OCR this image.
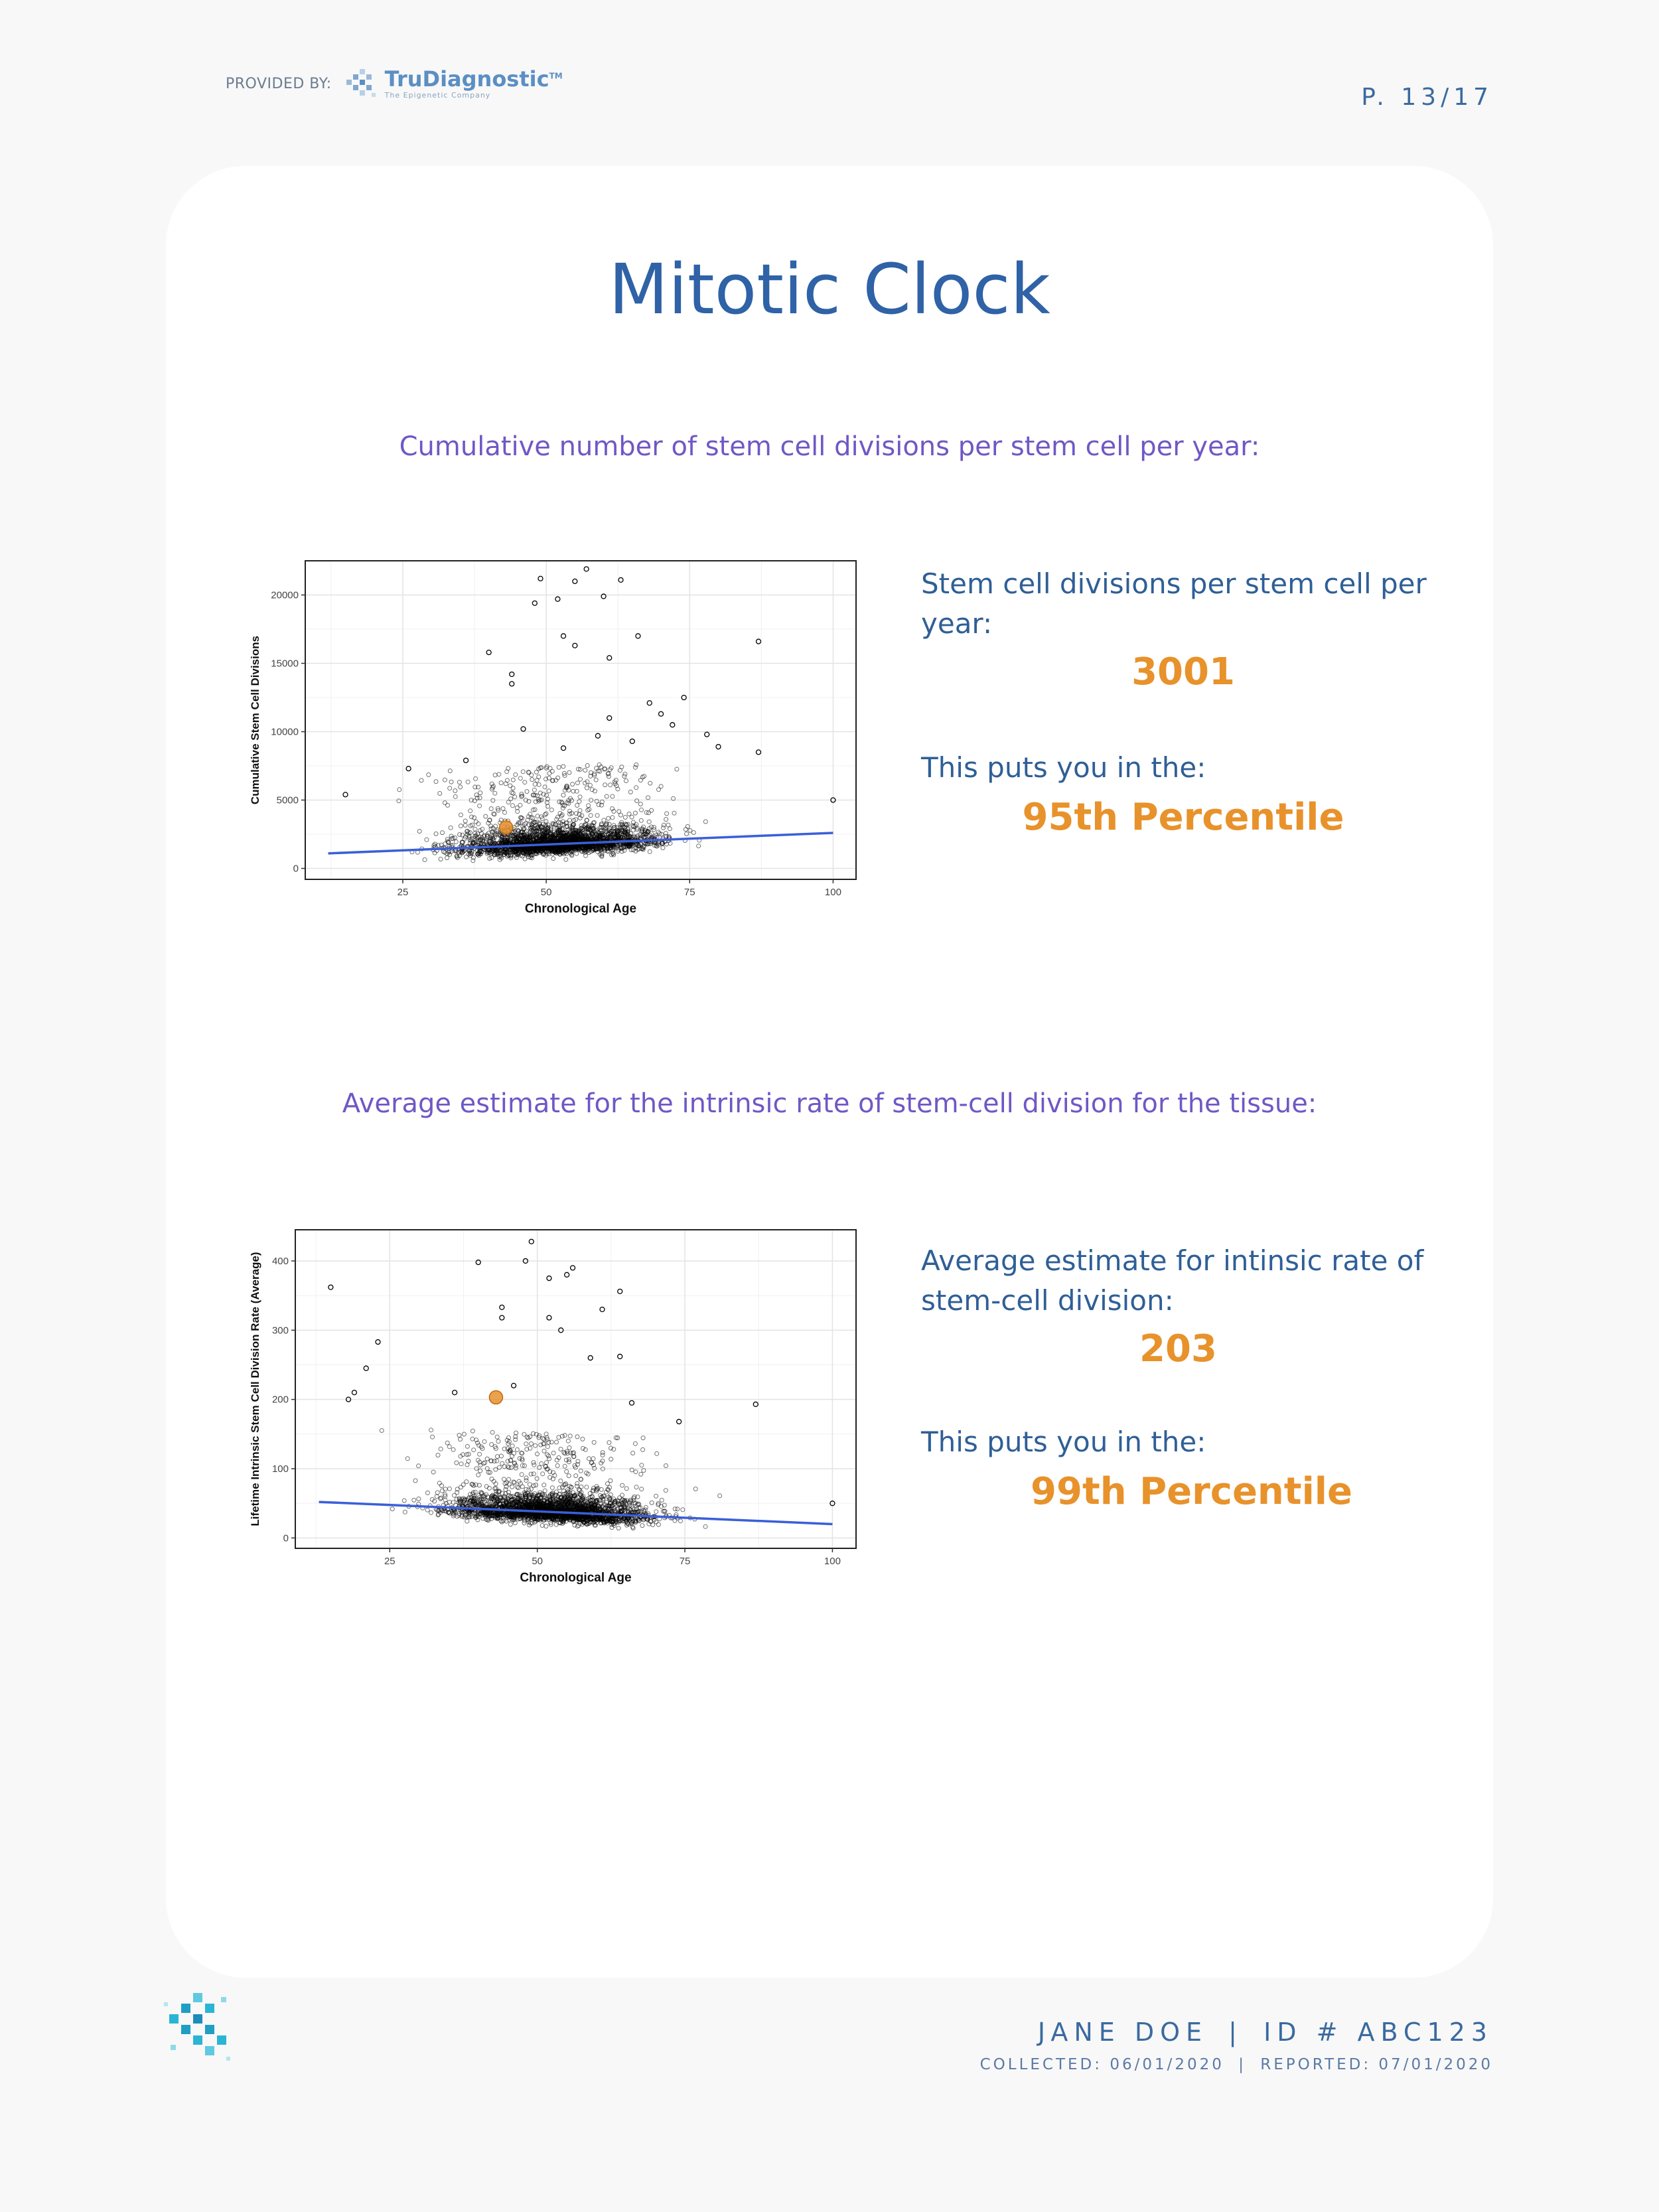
PROVIDED BY:	TruDiagnostic™
The Epigenetic Company	P. 13/17
Mitotic Clock
Cumulative number of stem cell divisions per stem cell per year:
25	50	75	100
0
5000
10000
15000
20000
Chronological Age
Cumulative Stem Cell Divisions
Stem cell divisions per stem cell per year:
3001
This puts you in the:
95th Percentile
Average estimate for the intrinsic rate of stem-cell division for the tissue:
25	50	75	100
0
100
200
300
400
Chronological Age
Lifetime Intrinsic Stem Cell Division Rate (Average)	Average estimate for intinsic rate of stem-cell division:
203
This puts you in the:
99th Percentile
JANE DOE | ID # ABC123
COLLECTED: 06/01/2020 | REPORTED: 07/01/2020
